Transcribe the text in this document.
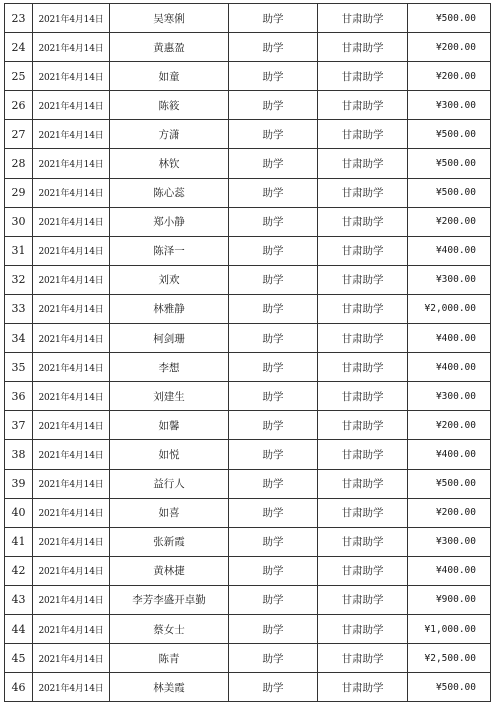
23	2021年4月14日	吴寒俐	助学	甘肃助学	¥500.00
24	2021年4月14日	黄惠盈	助学	甘肃助学	¥200.00
25	2021年4月14日	如童	助学	甘肃助学	¥200.00
26	2021年4月14日	陈筱	助学	甘肃助学	¥300.00
27	2021年4月14日	方潇	助学	甘肃助学	¥500.00
28	2021年4月14日	林钦	助学	甘肃助学	¥500.00
29	2021年4月14日	陈心蕊	助学	甘肃助学	¥500.00
30	2021年4月14日	郑小静	助学	甘肃助学	¥200.00
31	2021年4月14日	陈泽一	助学	甘肃助学	¥400.00
32	2021年4月14日	刘欢	助学	甘肃助学	¥300.00
33	2021年4月14日	林雅静	助学	甘肃助学	¥2,000.00
34	2021年4月14日	柯剑珊	助学	甘肃助学	¥400.00
35	2021年4月14日	李想	助学	甘肃助学	¥400.00
36	2021年4月14日	刘建生	助学	甘肃助学	¥300.00
37	2021年4月14日	如馨	助学	甘肃助学	¥200.00
38	2021年4月14日	如悦	助学	甘肃助学	¥400.00
39	2021年4月14日	益行人	助学	甘肃助学	¥500.00
40	2021年4月14日	如喜	助学	甘肃助学	¥200.00
41	2021年4月14日	张新霞	助学	甘肃助学	¥300.00
42	2021年4月14日	黄林捷	助学	甘肃助学	¥400.00
43	2021年4月14日	李芳李盛开卓勤	助学	甘肃助学	¥900.00
44	2021年4月14日	蔡女士	助学	甘肃助学	¥1,000.00
45	2021年4月14日	陈青	助学	甘肃助学	¥2,500.00
46	2021年4月14日	林美霞	助学	甘肃助学	¥500.00
